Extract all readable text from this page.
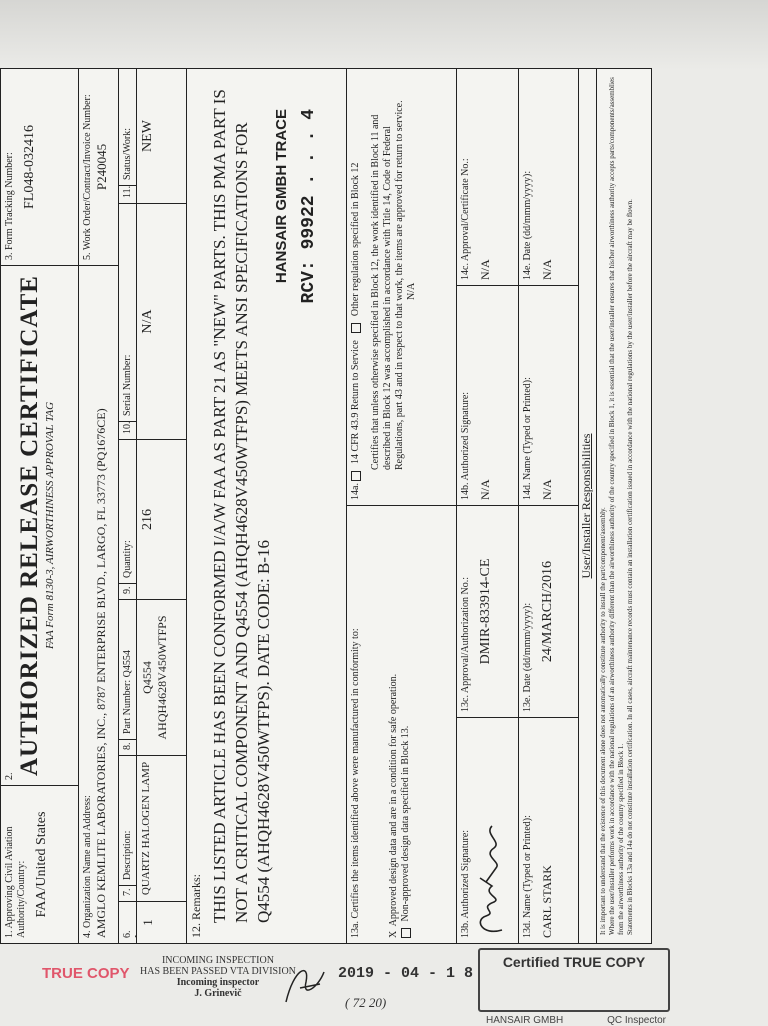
1. Approving Civil Aviation Authority/Country: FAA/United States
2.
AUTHORIZED RELEASE CERTIFICATE FAA Form 8130-3, AIRWORTHINESS APPROVAL TAG
3. Form Tracking Number: FL048-032416
4. Organization Name and Address: AMGLO KEMLITE LABORATORIES, INC., 8787 ENTERPRISE BLVD., LARGO, FL 33773 (PQ1676CE)
5. Work Order/Contract/Invoice Number: P240045
6. Item:
7.
Description:
8.
Part Number: Q4554
9.
Quantity:
10.
Serial Number:
11.
Status/Work:
1
QUARTZ HALOGEN LAMP
Q4554 AHQH4628V450WTFPS
216
N/A
NEW
12. Remarks: THIS LISTED ARTICLE HAS BEEN CONFORMED I/A/W FAA AS PART 21 AS "NEW" PARTS. THIS PMA PART IS NOT A CRITICAL COMPONENT AND Q4554 (AHQH4628V450WTFPS) MEETS ANSI SPECIFICATIONS FOR Q4554 (AHQH4628V450WTFPS). DATE CODE: B-16
HANSAIR GMBH TRACE RCV: 99922 . . . 4
13a. Certifies the items identified above were manufactured in conformity to:	X  Approved design data and are in a condition for safe operation. Non-approved design data specified in Block 13.
14a.  14 CFR 43.9 Return to Service    Other regulation specified in Block 12 Certifies that unless otherwise specified in Block 12, the work identified in Block 11 and described in Block 12 was accomplished in accordance with Title 14, Code of Federal Regulations, part 43 and in respect to that work, the items are approved for return to service. N/A
13b. Authorized Signature:
13c. Approval/Authorization No.: DMIR-833914-CE
14b. Authorized Signature: N/A
14c. Approval/Certificate No.: N/A
13d. Name (Typed or Printed): CARL STARK
13e. Date (dd/mmm/yyyy): 24/MARCH/2016
14d. Name (Typed or Printed): N/A
14e. Date (dd/mmm/yyyy): N/A
User/Installer Responsibilities
It is important to understand that the existence of this document alone does not automatically constitute authority to install the part/component/assembly. Where the user/installer performs work in accordance with the national regulations of an airworthiness authority different than the airworthiness authority of the country specified in Block 1, it is essential that the user/installer ensures that his/her airworthiness authority accepts parts/components/assemblies from the airworthiness authority of the country specified in Block 1. Statements in Blocks 13a and 14a do not constitute installation certification. In all cases, aircraft maintenance records must contain an installation certification issued in accordance with the national regulations by the user/installer before the aircraft may be flown.
TRUE COPY
INCOMING INSPECTION
HAS BEEN PASSED VTA DIVISION
Incoming inspector
J. Grinevič
2019 - 04 - 1 8
( 72 20)
Certified TRUE COPY
HANSAIR GMBH	QC Inspector
